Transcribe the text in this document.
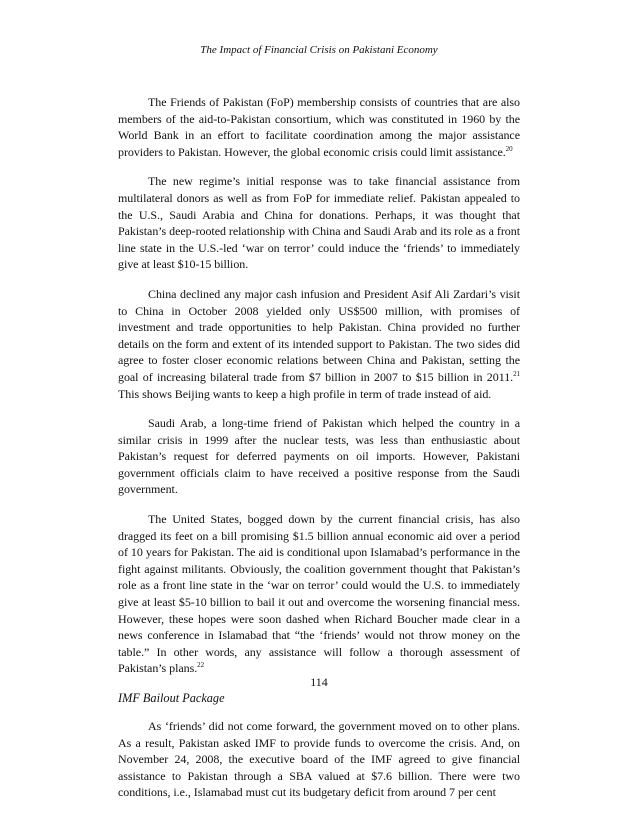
The Impact of Financial Crisis on Pakistani Economy

The Friends of Pakistan (FoP) membership consists of countries that are also members of the aid-to-Pakistan consortium, which was constituted in 1960 by the World Bank in an effort to facilitate coordination among the major assistance providers to Pakistan. However, the global economic crisis could limit assistance.$^{20}$

The new regime’s initial response was to take financial assistance from multilateral donors as well as from FoP for immediate relief. Pakistan appealed to the U.S., Saudi Arabia and China for donations. Perhaps, it was thought that Pakistan’s deep-rooted relationship with China and Saudi Arab and its role as a front line state in the U.S.-led ‘war on terror’ could induce the ‘friends’ to immediately give at least $10-15 billion.

China declined any major cash infusion and President Asif Ali Zardari’s visit to China in October 2008 yielded only US$500 million, with promises of investment and trade opportunities to help Pakistan. China provided no further details on the form and extent of its intended support to Pakistan. The two sides did agree to foster closer economic relations between China and Pakistan, setting the goal of increasing bilateral trade from $7 billion in 2007 to $15 billion in 2011.21 This shows Beijing wants to keep a high profile in term of trade instead of aid.

Saudi Arab, a long-time friend of Pakistan which helped the country in a similar crisis in 1999 after the nuclear tests, was less than enthusiastic about Pakistan’s request for deferred payments on oil imports. However, Pakistani government officials claim to have received a positive response from the Saudi government.

The United States, bogged down by the current financial crisis, has also dragged its feet on a bill promising $1.5 billion annual economic aid over a period of 10 years for Pakistan. The aid is conditional upon Islamabad’s performance in the fight against militants. Obviously, the coalition government thought that Pakistan’s role as a front line state in the ‘war on terror’ could would the U.S. to immediately give at least $5-10 billion to bail it out and overcome the worsening financial mess. However, these hopes were soon dashed when Richard Boucher made clear in a news conference in Islamabad that “the ‘friends’ would not throw money on the table.” In other words, any assistance will follow a thorough assessment of Pakistan’s plans.$^{22}$

IMF Bailout Package

As ‘friends’ did not come forward, the government moved on to other plans. As a result, Pakistan asked IMF to provide funds to overcome the crisis. And, on November 24, 2008, the executive board of the IMF agreed to give financial assistance to Pakistan through a SBA valued at $7.6 billion. There were two conditions, i.e., Islamabad must cut its budgetary deficit from around 7 per cent

114
